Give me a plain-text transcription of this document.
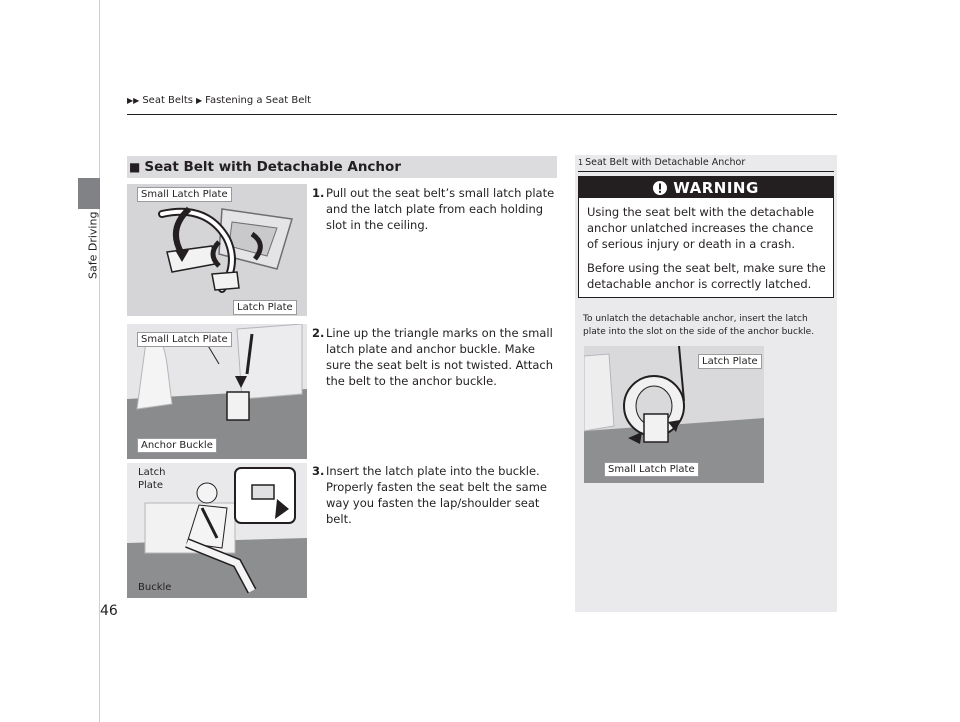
Safe Driving
▶▶ Seat Belts ▶ Fastening a Seat Belt
46
■ Seat Belt with Detachable Anchor
Small Latch Plate
Latch Plate
Small Latch Plate
Anchor Buckle
Latch
Plate
Buckle
1. Pull out the seat belt’s small latch plate and the latch plate from each holding slot in the ceiling.
2. Line up the triangle marks on the small latch plate and anchor buckle. Make sure the seat belt is not twisted. Attach the belt to the anchor buckle.
3. Insert the latch plate into the buckle. Properly fasten the seat belt the same way you fasten the lap/shoulder seat belt.
1 Seat Belt with Detachable Anchor
WARNING
Using the seat belt with the detachable anchor unlatched increases the chance of serious injury or death in a crash.
Before using the seat belt, make sure the detachable anchor is correctly latched.
To unlatch the detachable anchor, insert the latch plate into the slot on the side of the anchor buckle.
Latch Plate
Small Latch Plate
